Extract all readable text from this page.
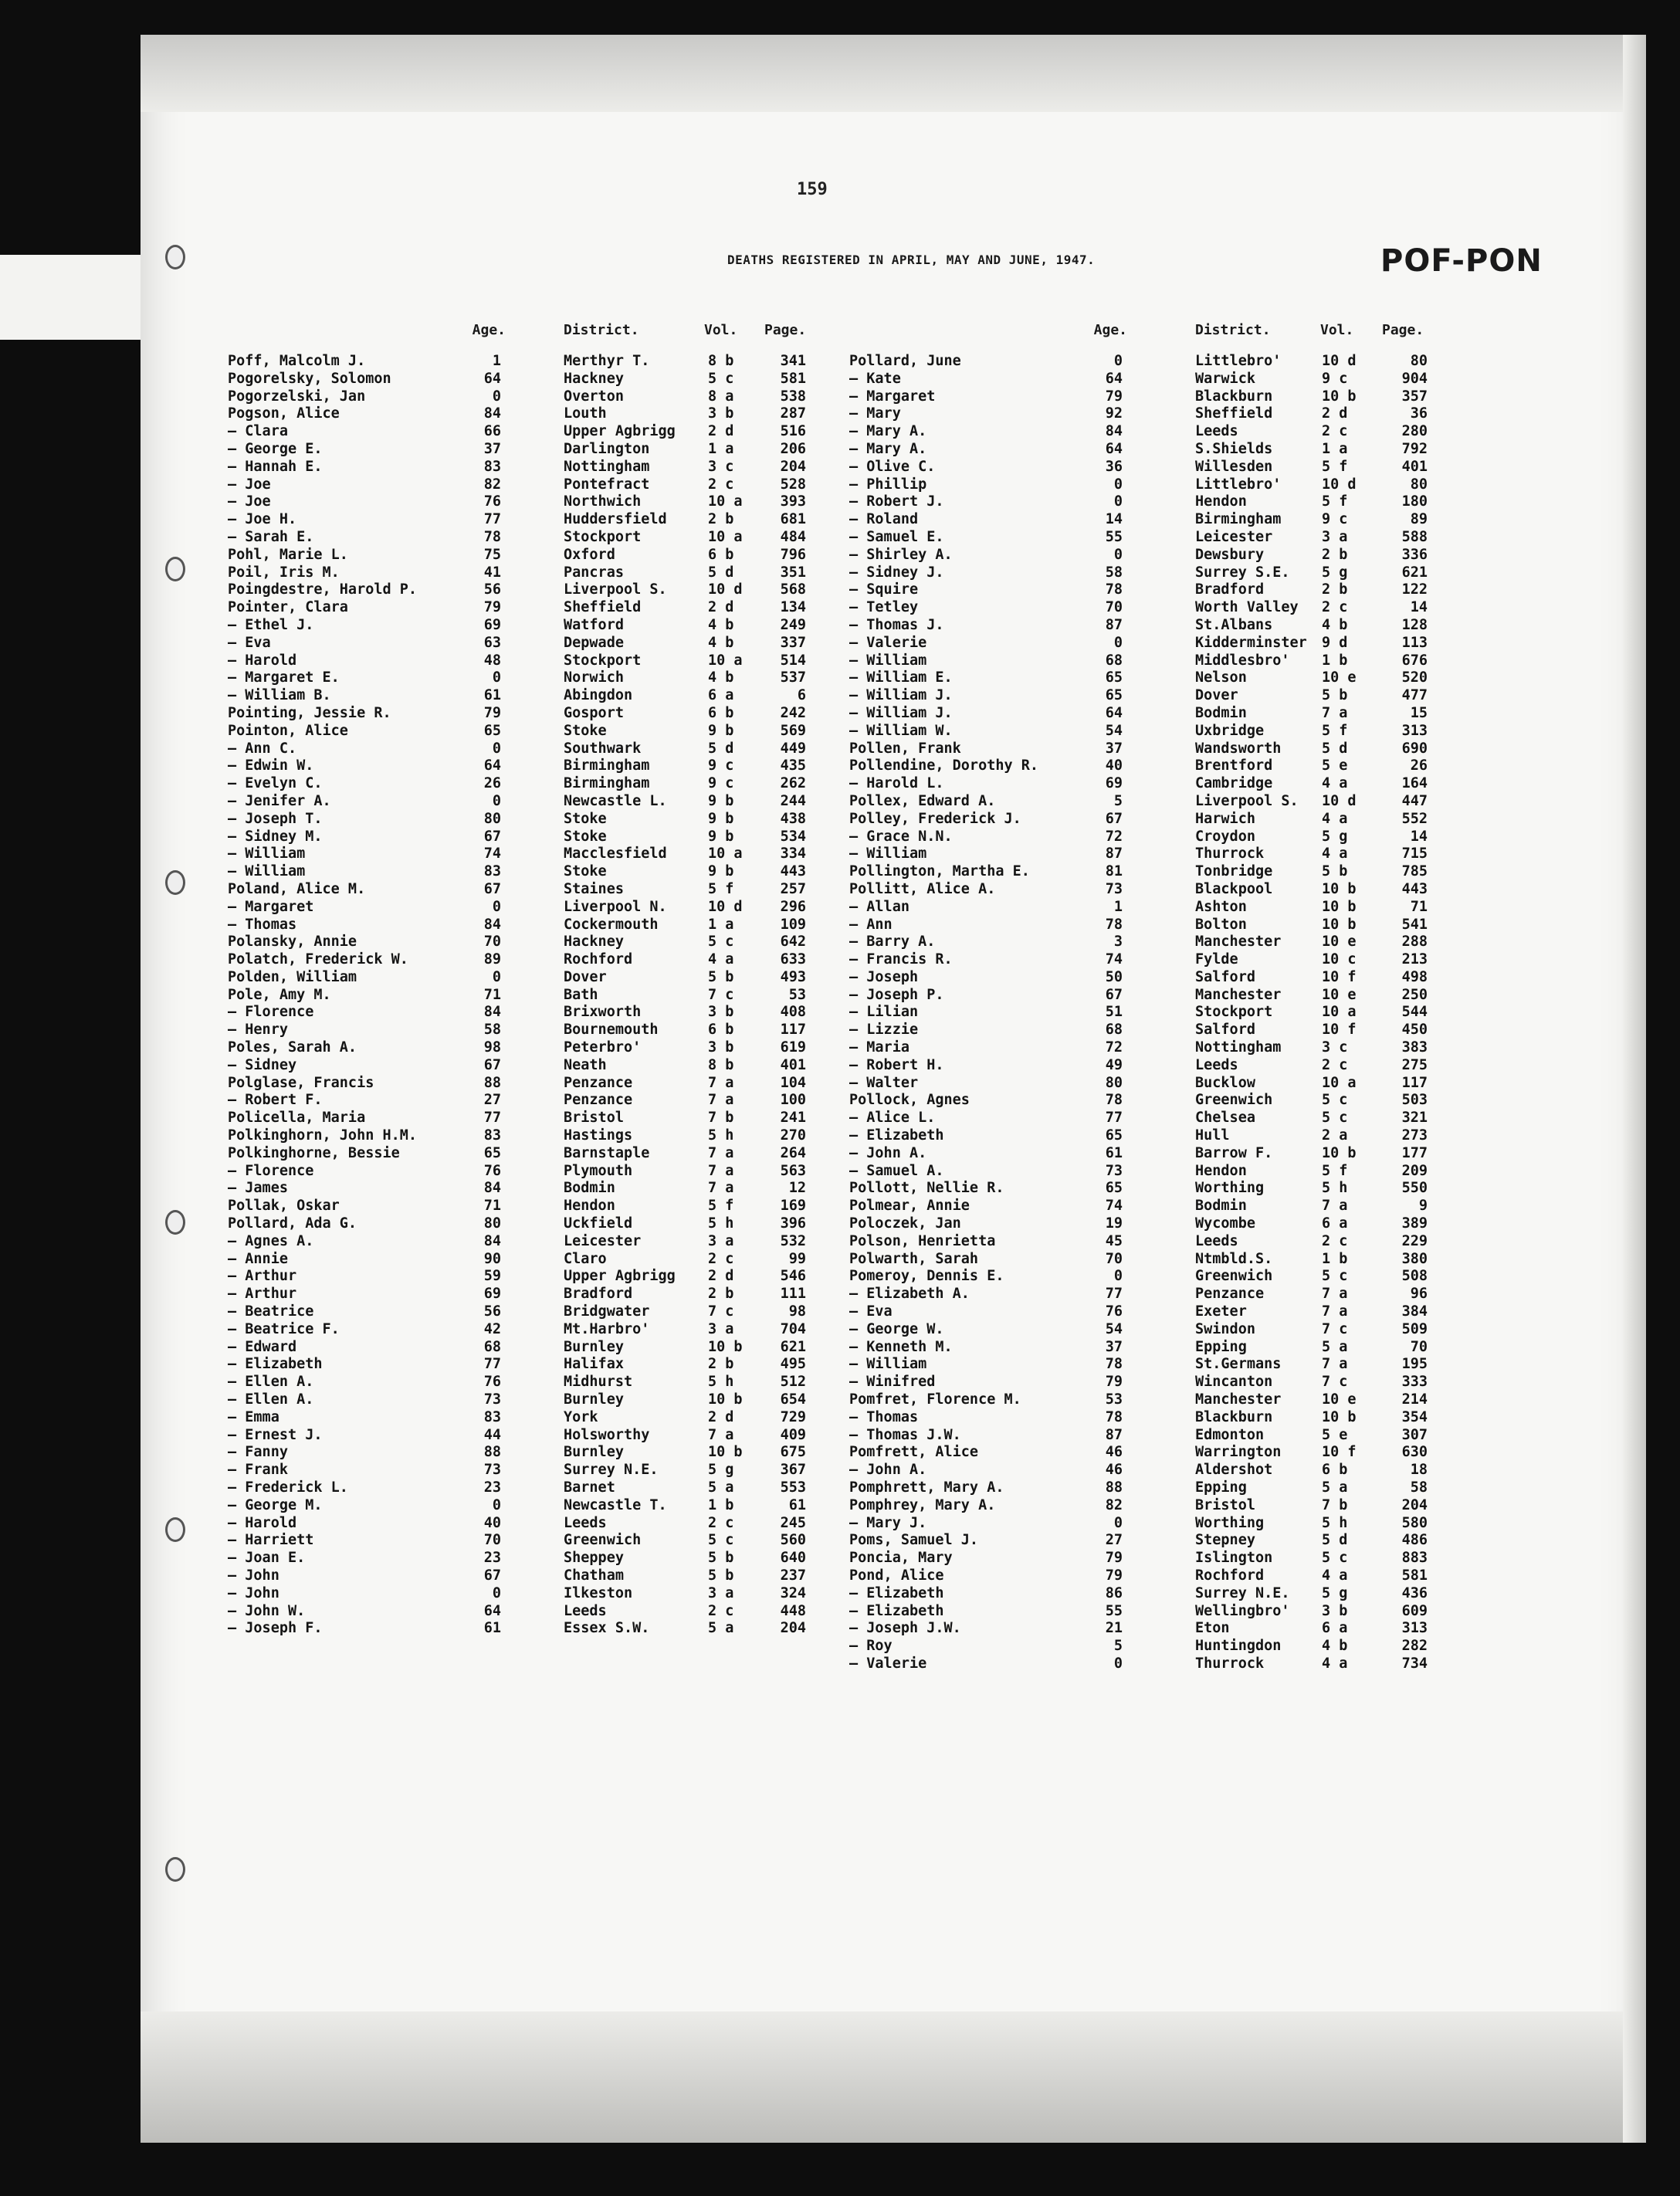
159
DEATHS REGISTERED IN APRIL, MAY AND JUNE, 1947.	POF-PON
Age.	District.	Vol. Page.	Age.	District.	Vol. Page.
Poff, Malcolm J.	1	Merthyr T.	8 b	341
Pogorelsky, Solomon	64	Hackney	5 c	581
Pogorzelski, Jan	0	Overton	8 a	538
Pogson, Alice	84	Louth	3 b	287
— Clara	66	Upper Agbrigg 2 d	516
— George E.	37	Darlington	1 a	206
— Hannah E.	83	Nottingham	3 c	204
— Joe	82	Pontefract	2 c	528
— Joe	76	Northwich	10 a	393
— Joe H.	77	Huddersfield	2 b	681
— Sarah E.	78	Stockport	10 a	484
Pohl, Marie L.	75	Oxford	6 b	796
Poil, Iris M.	41	Pancras	5 d	351
Poingdestre, Harold P.	56	Liverpool S.	10 d	568
Pointer, Clara	79	Sheffield	2 d	134
— Ethel J.	69	Watford	4 b	249
— Eva	63	Depwade	4 b	337
— Harold	48	Stockport	10 a	514
— Margaret E.	0	Norwich	4 b	537
— William B.	61	Abingdon	6 a	6
Pointing, Jessie R.	79	Gosport	6 b	242
Pointon, Alice	65	Stoke	9 b	569
— Ann C.	0	Southwark	5 d	449
— Edwin W.	64	Birmingham	9 c	435
— Evelyn C.	26	Birmingham	9 c	262
— Jenifer A.	0	Newcastle L.	9 b	244
— Joseph T.	80	Stoke	9 b	438
— Sidney M.	67	Stoke	9 b	534
— William	74	Macclesfield	10 a	334
— William	83	Stoke	9 b	443
Poland, Alice M.	67	Staines	5 f	257
— Margaret	0	Liverpool N.	10 d	296
— Thomas	84	Cockermouth	1 a	109
Polansky, Annie	70	Hackney	5 c	642
Polatch, Frederick W.	89	Rochford	4 a	633
Polden, William	0	Dover	5 b	493
Pole, Amy M.	71	Bath	7 c	53
— Florence	84	Brixworth	3 b	408
— Henry	58	Bournemouth	6 b	117
Poles, Sarah A.	98	Peterbro'	3 b	619
— Sidney	67	Neath	8 b	401
Polglase, Francis	88	Penzance	7 a	104
— Robert F.	27	Penzance	7 a	100
Policella, Maria	77	Bristol	7 b	241
Polkinghorn, John H.M.	83	Hastings	5 h	270
Polkinghorne, Bessie	65	Barnstaple	7 a	264
— Florence	76	Plymouth	7 a	563
— James	84	Bodmin	7 a	12
Pollak, Oskar	71	Hendon	5 f	169
Pollard, Ada G.	80	Uckfield	5 h	396
— Agnes A.	84	Leicester	3 a	532
— Annie	90	Claro	2 c	99
— Arthur	59	Upper Agbrigg 2 d	546
— Arthur	69	Bradford	2 b	111
— Beatrice	56	Bridgwater	7 c	98
— Beatrice F.	42	Mt.Harbro'	3 a	704
— Edward	68	Burnley	10 b	621
— Elizabeth	77	Halifax	2 b	495
— Ellen A.	76	Midhurst	5 h	512
— Ellen A.	73	Burnley	10 b	654
— Emma	83	York	2 d	729
— Ernest J.	44	Holsworthy	7 a	409
— Fanny	88	Burnley	10 b	675
— Frank	73	Surrey N.E.	5 g	367
— Frederick L.	23	Barnet	5 a	553
— George M.	0	Newcastle T.	1 b	61
— Harold	40	Leeds	2 c	245
— Harriett	70	Greenwich	5 c	560
— Joan E.	23	Sheppey	5 b	640
— John	67	Chatham	5 b	237
— John	0	Ilkeston	3 a	324
— John W.	64	Leeds	2 c	448
— Joseph F.	61	Essex S.W.	5 a	204
Pollard, June	0	Littlebro'	10 d	80
— Kate	64	Warwick	9 c	904
— Margaret	79	Blackburn	10 b	357
— Mary	92	Sheffield	2 d	36
— Mary A.	84	Leeds	2 c	280
— Mary A.	64	S.Shields	1 a	792
— Olive C.	36	Willesden	5 f	401
— Phillip	0	Littlebro'	10 d	80
— Robert J.	0	Hendon	5 f	180
— Roland	14	Birmingham	9 c	89
— Samuel E.	55	Leicester	3 a	588
— Shirley A.	0	Dewsbury	2 b	336
— Sidney J.	58	Surrey S.E. 5 g	621
— Squire	78	Bradford	2 b	122
— Tetley	70	Worth Valley 2 c	14
— Thomas J.	87	St.Albans	4 b	128
— Valerie	0	Kidderminster 9 d	113
— William	68	Middlesbro' 1 b	676
— William E.	65	Nelson	10 e	520
— William J.	65	Dover	5 b	477
— William J.	64	Bodmin	7 a	15
— William W.	54	Uxbridge	5 f	313
Pollen, Frank	37	Wandsworth	5 d	690
Pollendine, Dorothy R.	40	Brentford	5 e	26
— Harold L.	69	Cambridge	4 a	164
Pollex, Edward A.	5	Liverpool S. 10 d	447
Polley, Frederick J.	67	Harwich	4 a	552
— Grace N.N.	72	Croydon	5 g	14
— William	87	Thurrock	4 a	715
Pollington, Martha E.	81	Tonbridge	5 b	785
Pollitt, Alice A.	73	Blackpool	10 b	443
— Allan	1	Ashton	10 b	71
— Ann	78	Bolton	10 b	541
— Barry A.	3	Manchester	10 e	288
— Francis R.	74	Fylde	10 c	213
— Joseph	50	Salford	10 f	498
— Joseph P.	67	Manchester	10 e	250
— Lilian	51	Stockport	10 a	544
— Lizzie	68	Salford	10 f	450
— Maria	72	Nottingham	3 c	383
— Robert H.	49	Leeds	2 c	275
— Walter	80	Bucklow	10 a	117
Pollock, Agnes	78	Greenwich	5 c	503
— Alice L.	77	Chelsea	5 c	321
— Elizabeth	65	Hull	2 a	273
— John A.	61	Barrow F.	10 b	177
— Samuel A.	73	Hendon	5 f	209
Pollott, Nellie R.	65	Worthing	5 h	550
Polmear, Annie	74	Bodmin	7 a	9
Poloczek, Jan	19	Wycombe	6 a	389
Polson, Henrietta	45	Leeds	2 c	229
Polwarth, Sarah	70	Ntmbld.S.	1 b	380
Pomeroy, Dennis E.	0	Greenwich	5 c	508
— Elizabeth A.	77	Penzance	7 a	96
— Eva	76	Exeter	7 a	384
— George W.	54	Swindon	7 c	509
— Kenneth M.	37	Epping	5 a	70
— William	78	St.Germans	7 a	195
— Winifred	79	Wincanton	7 c	333
Pomfret, Florence M.	53	Manchester	10 e	214
— Thomas	78	Blackburn	10 b	354
— Thomas J.W.	87	Edmonton	5 e	307
Pomfrett, Alice	46	Warrington	10 f	630
— John A.	46	Aldershot	6 b	18
Pomphrett, Mary A.	88	Epping	5 a	58
Pomphrey, Mary A.	82	Bristol	7 b	204
— Mary J.	0	Worthing	5 h	580
Poms, Samuel J.	27	Stepney	5 d	486
Poncia, Mary	79	Islington	5 c	883
Pond, Alice	79	Rochford	4 a	581
— Elizabeth	86	Surrey N.E. 5 g	436
— Elizabeth	55	Wellingbro' 3 b	609
— Joseph J.W.	21	Eton	6 a	313
— Roy	5	Huntingdon	4 b	282
— Valerie	0	Thurrock	4 a	734
